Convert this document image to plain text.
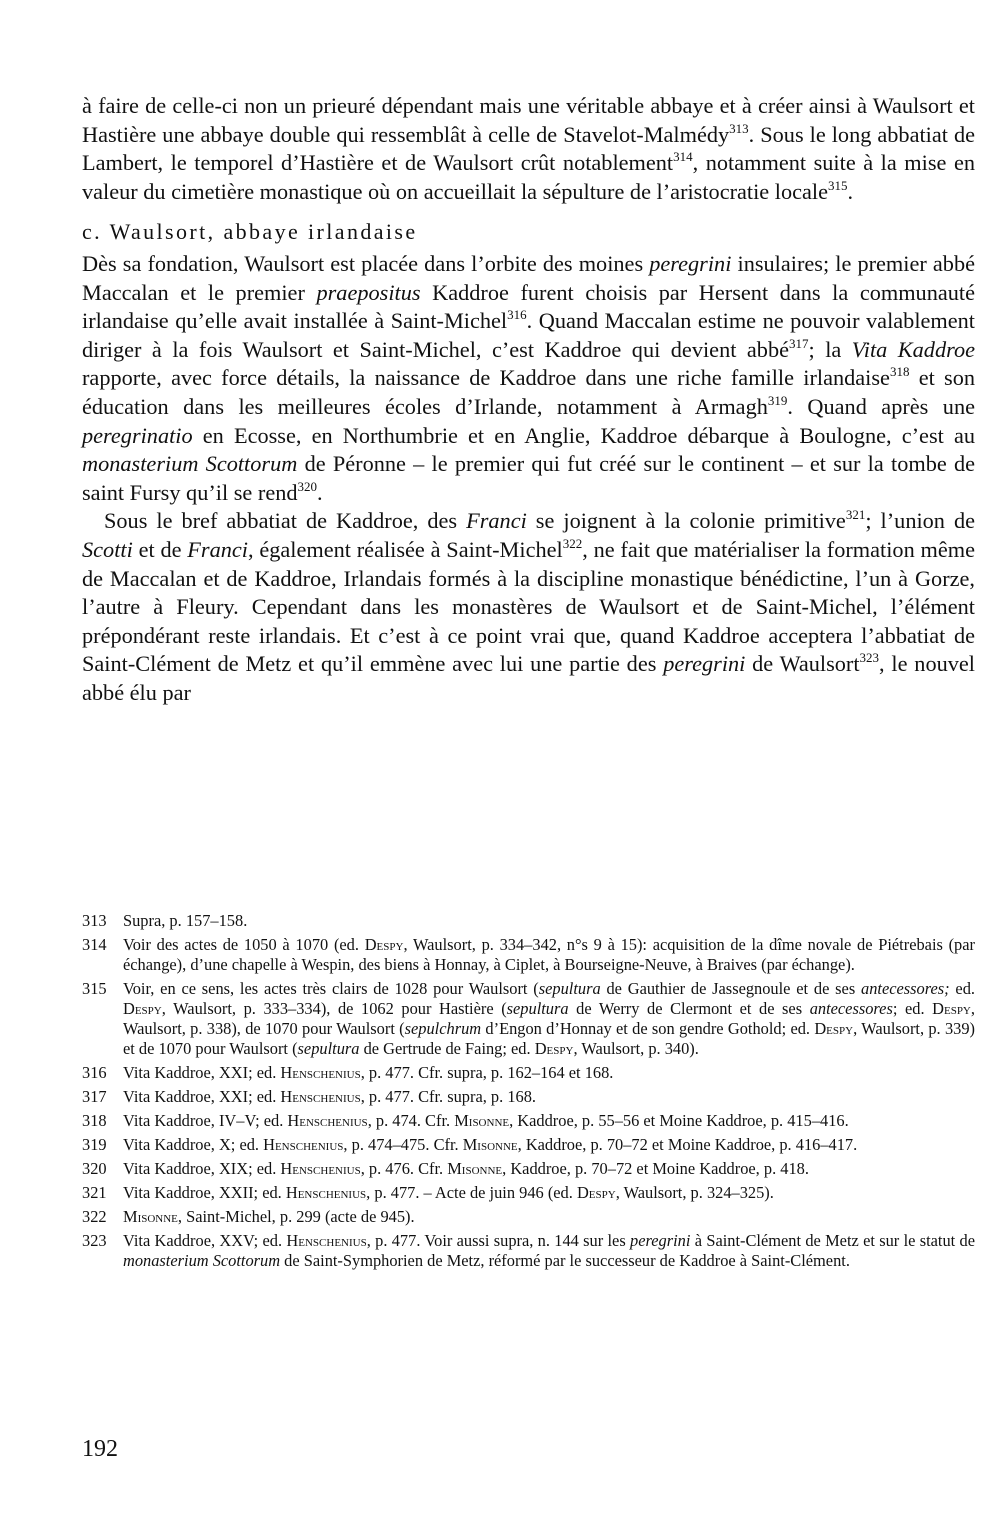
à faire de celle-ci non un prieuré dépendant mais une véritable abbaye et à créer ainsi à Waulsort et Hastière une abbaye double qui ressemblât à celle de Stavelot-Malmédy$^{313}$. Sous le long abbatiat de Lambert, le temporel d’Hastière et de Waulsort crût notablement$^{314}$, notamment suite à la mise en valeur du cimetière monastique où on accueillait la sépulture de l’aristocratie locale$^{315}$.

c. Waulsort, abbaye irlandaise

Dès sa fondation, Waulsort est placée dans l’orbite des moines peregrini insulaires; le premier abbé Maccalan et le premier praepositus Kaddroe furent choisis par Hersent dans la communauté irlandaise qu’elle avait installée à Saint-Michel$^{316}$. Quand Maccalan estime ne pouvoir valablement diriger à la fois Waulsort et Saint-Michel, c’est Kaddroe qui devient abbé$^{317}$; la Vita Kaddroe rapporte, avec force détails, la naissance de Kaddroe dans une riche famille irlandaise$^{318}$ et son éducation dans les meilleures écoles d’Irlande, notamment à Armagh$^{319}$. Quand après une peregrinatio en Ecosse, en Northumbrie et en Anglie, Kaddroe débarque à Boulogne, c’est au monasterium Scottorum de Péronne – le premier qui fut créé sur le continent – et sur la tombe de saint Fursy qu’il se rend$^{320}$.

Sous le bref abbatiat de Kaddroe, des Franci se joignent à la colonie primitive$^{321}$; l’union de Scotti et de Franci, également réalisée à Saint-Michel$^{322}$, ne fait que matérialiser la formation même de Maccalan et de Kaddroe, Irlandais formés à la discipline monastique bénédictine, l’un à Gorze, l’autre à Fleury. Cependant dans les monastères de Waulsort et de Saint-Michel, l’élément prépondérant reste irlandais. Et c’est à ce point vrai que, quand Kaddroe acceptera l’abbatiat de Saint-Clément de Metz et qu’il emmène avec lui une partie des peregrini de Waulsort$^{323}$, le nouvel abbé élu par

313 Supra, p. 157–158.
314 Voir des actes de 1050 à 1070 (ed. Despy, Waulsort, p. 334–342, n°s 9 à 15): acquisition de la dîme novale de Piétrebais (par échange), d’une chapelle à Wespin, des biens à Honnay, à Ciplet, à Bourseigne-Neuve, à Braives (par échange).
315 Voir, en ce sens, les actes très clairs de 1028 pour Waulsort (sepultura de Gauthier de Jassegnoule et de ses antecessores; ed. Despy, Waulsort, p. 333–334), de 1062 pour Hastière (sepultura de Werry de Clermont et de ses antecessores; ed. Despy, Waulsort, p. 338), de 1070 pour Waulsort (sepulchrum d’Engon d’Honnay et de son gendre Gothold; ed. Despy, Waulsort, p. 339) et de 1070 pour Waulsort (sepultura de Gertrude de Faing; ed. Despy, Waulsort, p. 340).
316 Vita Kaddroe, XXI; ed. Henschenius, p. 477. Cfr. supra, p. 162–164 et 168.
317 Vita Kaddroe, XXI; ed. Henschenius, p. 477. Cfr. supra, p. 168.
318 Vita Kaddroe, IV–V; ed. Henschenius, p. 474. Cfr. Misonne, Kaddroe, p. 55–56 et Moine Kaddroe, p. 415–416.
319 Vita Kaddroe, X; ed. Henschenius, p. 474–475. Cfr. Misonne, Kaddroe, p. 70–72 et Moine Kaddroe, p. 416–417.
320 Vita Kaddroe, XIX; ed. Henschenius, p. 476. Cfr. Misonne, Kaddroe, p. 70–72 et Moine Kaddroe, p. 418.
321 Vita Kaddroe, XXII; ed. Henschenius, p. 477. – Acte de juin 946 (ed. Despy, Waulsort, p. 324–325).
322 Misonne, Saint-Michel, p. 299 (acte de 945).
323 Vita Kaddroe, XXV; ed. Henschenius, p. 477. Voir aussi supra, n. 144 sur les peregrini à Saint-Clément de Metz et sur le statut de monasterium Scottorum de Saint-Symphorien de Metz, réformé par le successeur de Kaddroe à Saint-Clément.
192
